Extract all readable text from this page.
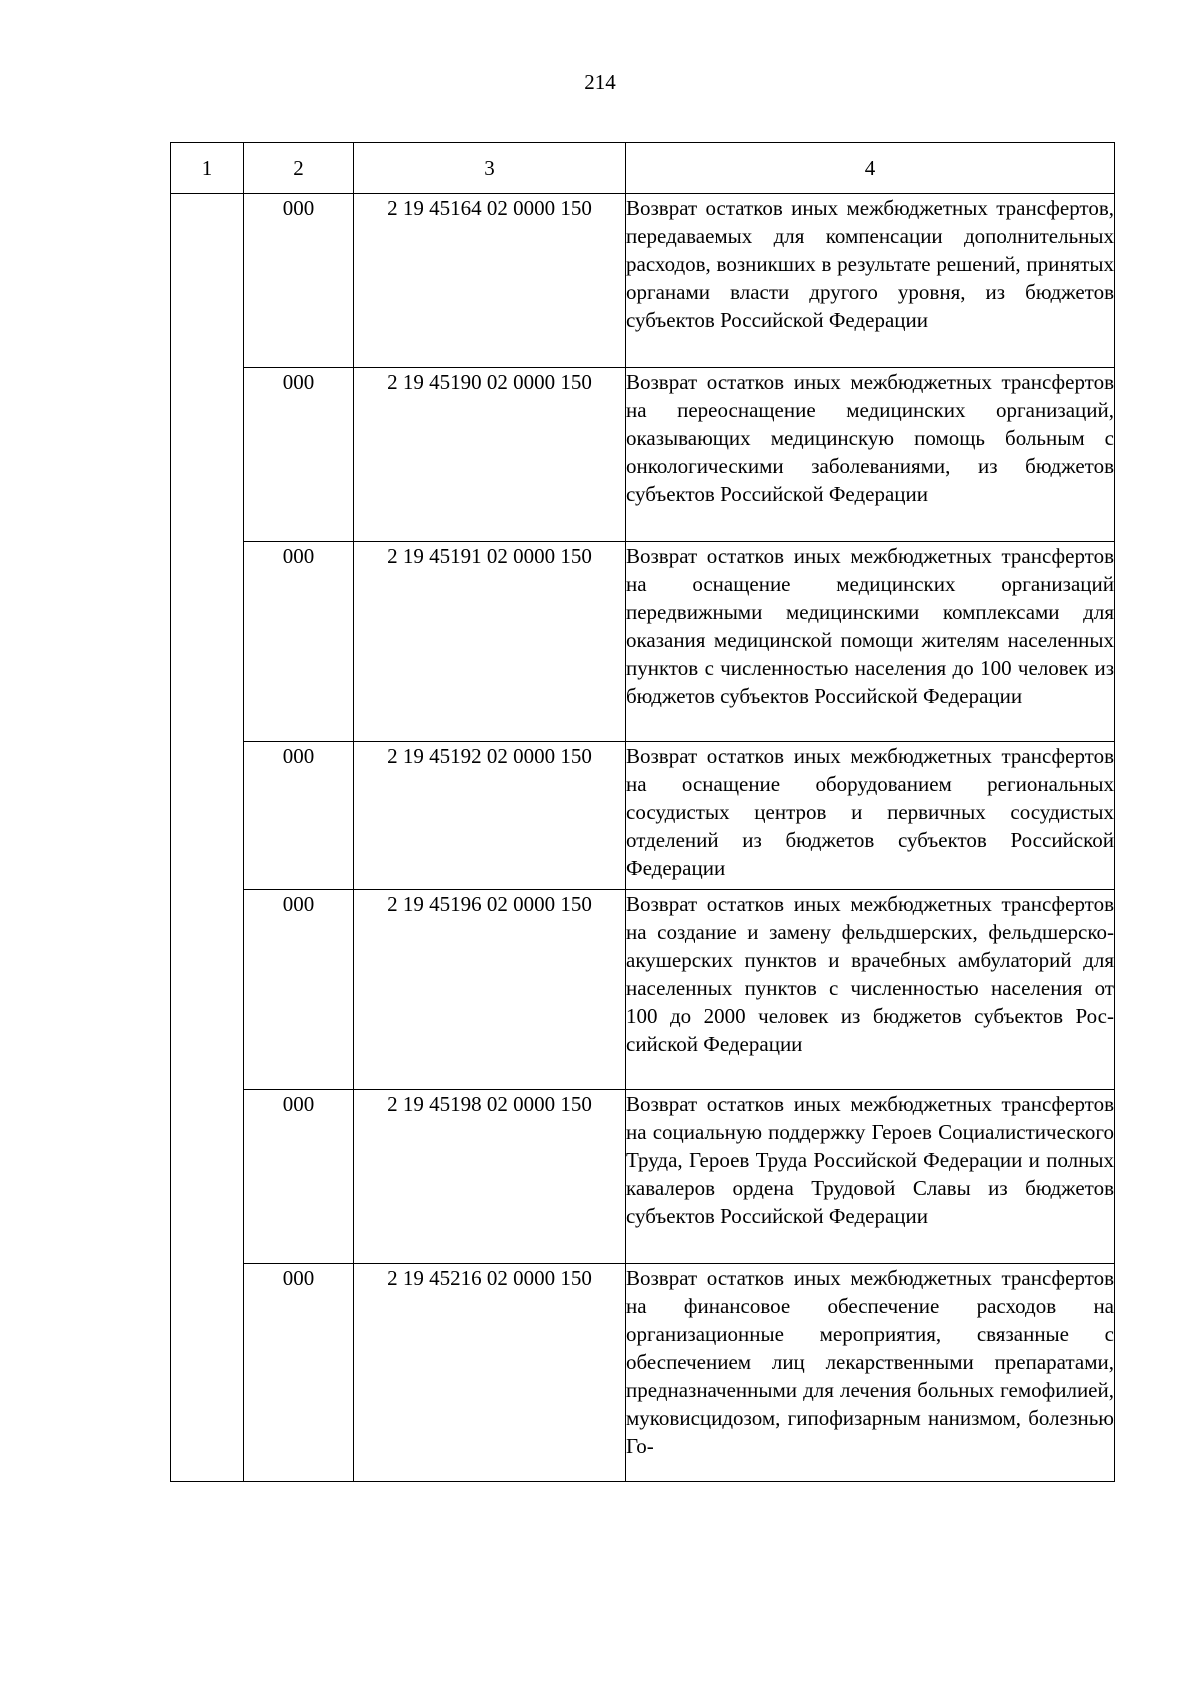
214
1	2	3	4
	000	2 19 45164 02 0000 150	Возврат остатков иных межбюджетных трансфертов, передаваемых для компенсации дополнительных расходов, возникших в результате решений, принятых органами власти другого уровня, из бюджетов субъектов Российской Федерации
	000	2 19 45190 02 0000 150	Возврат остатков иных межбюджетных трансфертов на переоснащение медицинских организаций, оказывающих медицинскую помощь больным с онкологическими заболеваниями, из бюджетов субъектов Российской Федерации
	000	2 19 45191 02 0000 150	Возврат остатков иных межбюджетных трансфертов на оснащение медицинских организаций передвижными медицинскими комплексами для оказания медицинской помощи жителям населенных пунктов с численностью населения до 100 человек из бюджетов субъектов Российской Федерации
	000	2 19 45192 02 0000 150	Возврат остатков иных межбюджетных трансфертов на оснащение оборудованием региональных сосудистых центров и первичных сосудистых отделений из бюджетов субъектов Российской Федерации
	000	2 19 45196 02 0000 150	Возврат остатков иных межбюджетных трансфертов на создание и замену фельдшерских, фельдшерско-акушерских пунктов и врачебных амбулаторий для населенных пунктов с численностью населения от 100 до 2000 человек из бюджетов субъектов Российской Федерации
	000	2 19 45198 02 0000 150	Возврат остатков иных межбюджетных трансфертов на социальную поддержку Героев Социалистического Труда, Героев Труда Российской Федерации и полных кавалеров ордена Трудовой Славы из бюджетов субъектов Российской Федерации
	000	2 19 45216 02 0000 150	Возврат остатков иных межбюджетных трансфертов на финансовое обеспечение расходов на организационные мероприятия, связанные с обеспечением лиц лекарственными препаратами, предназначенными для лечения больных гемофилией, муковисцидозом, гипофизарным нанизмом, болезнью Го-
